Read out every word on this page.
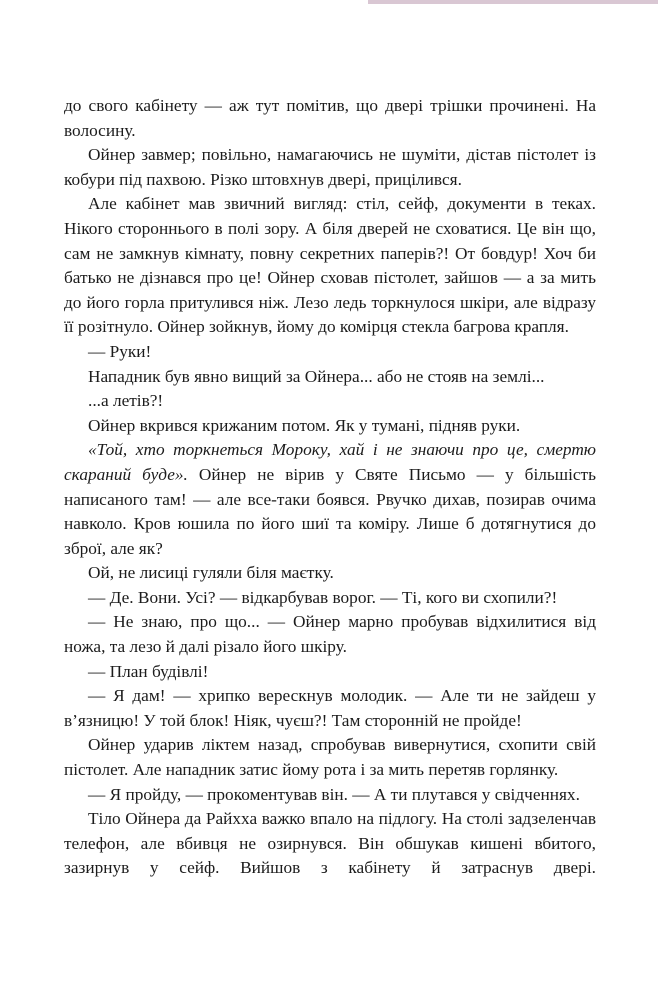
до свого кабінету — аж тут помітив, що двері трішки прочинені. На волосину.

Ойнер завмер; повільно, намагаючись не шуміти, дістав пістолет із кобури під пахвою. Різко штовхнув двері, прицілився.

Але кабінет мав звичний вигляд: стіл, сейф, документи в теках. Нікого стороннього в полі зору. А біля дверей не сховатися. Це він що, сам не замкнув кімнату, повну секретних паперів?! От бовдур! Хоч би батько не дізнався про це! Ойнер сховав пістолет, зайшов — а за мить до його горла притулився ніж. Лезо ледь торкнулося шкіри, але відразу її розітнуло. Ойнер зойкнув, йому до комірця стекла багрова крапля.

— Руки!

Нападник був явно вищий за Ойнера... або не стояв на землі...

...а летів?!

Ойнер вкрився крижаним потом. Як у тумані, підняв руки.

«Той, хто торкнеться Мороку, хай і не знаючи про це, смертю скараний буде». Ойнер не вірив у Святе Письмо — у більшість написаного там! — але все-таки боявся. Рвучко дихав, позирав очима навколо. Кров юшила по його шиї та коміру. Лише б дотягнутися до зброї, але як?

Ой, не лисиці гуляли біля маєтку.

— Де. Вони. Усі? — відкарбував ворог. — Ті, кого ви схопили?!

— Не знаю, про що... — Ойнер марно пробував відхилитися від ножа, та лезо й далі різало його шкіру.

— План будівлі!

— Я дам! — хрипко верескнув молодик. — Але ти не зайдеш у в’язницю! У той блок! Ніяк, чуєш?! Там сторонній не пройде!

Ойнер ударив ліктем назад, спробував вивернутися, схопити свій пістолет. Але нападник затис йому рота і за мить перетяв горлянку.

— Я пройду, — прокоментував він. — А ти плутався у свідченнях.

Тіло Ойнера да Райхха важко впало на підлогу. На столі задзеленчав телефон, але вбивця не озирнувся. Він обшукав кишені вбитого, зазирнув у сейф. Вийшов з кабінету й затраснув двері.
